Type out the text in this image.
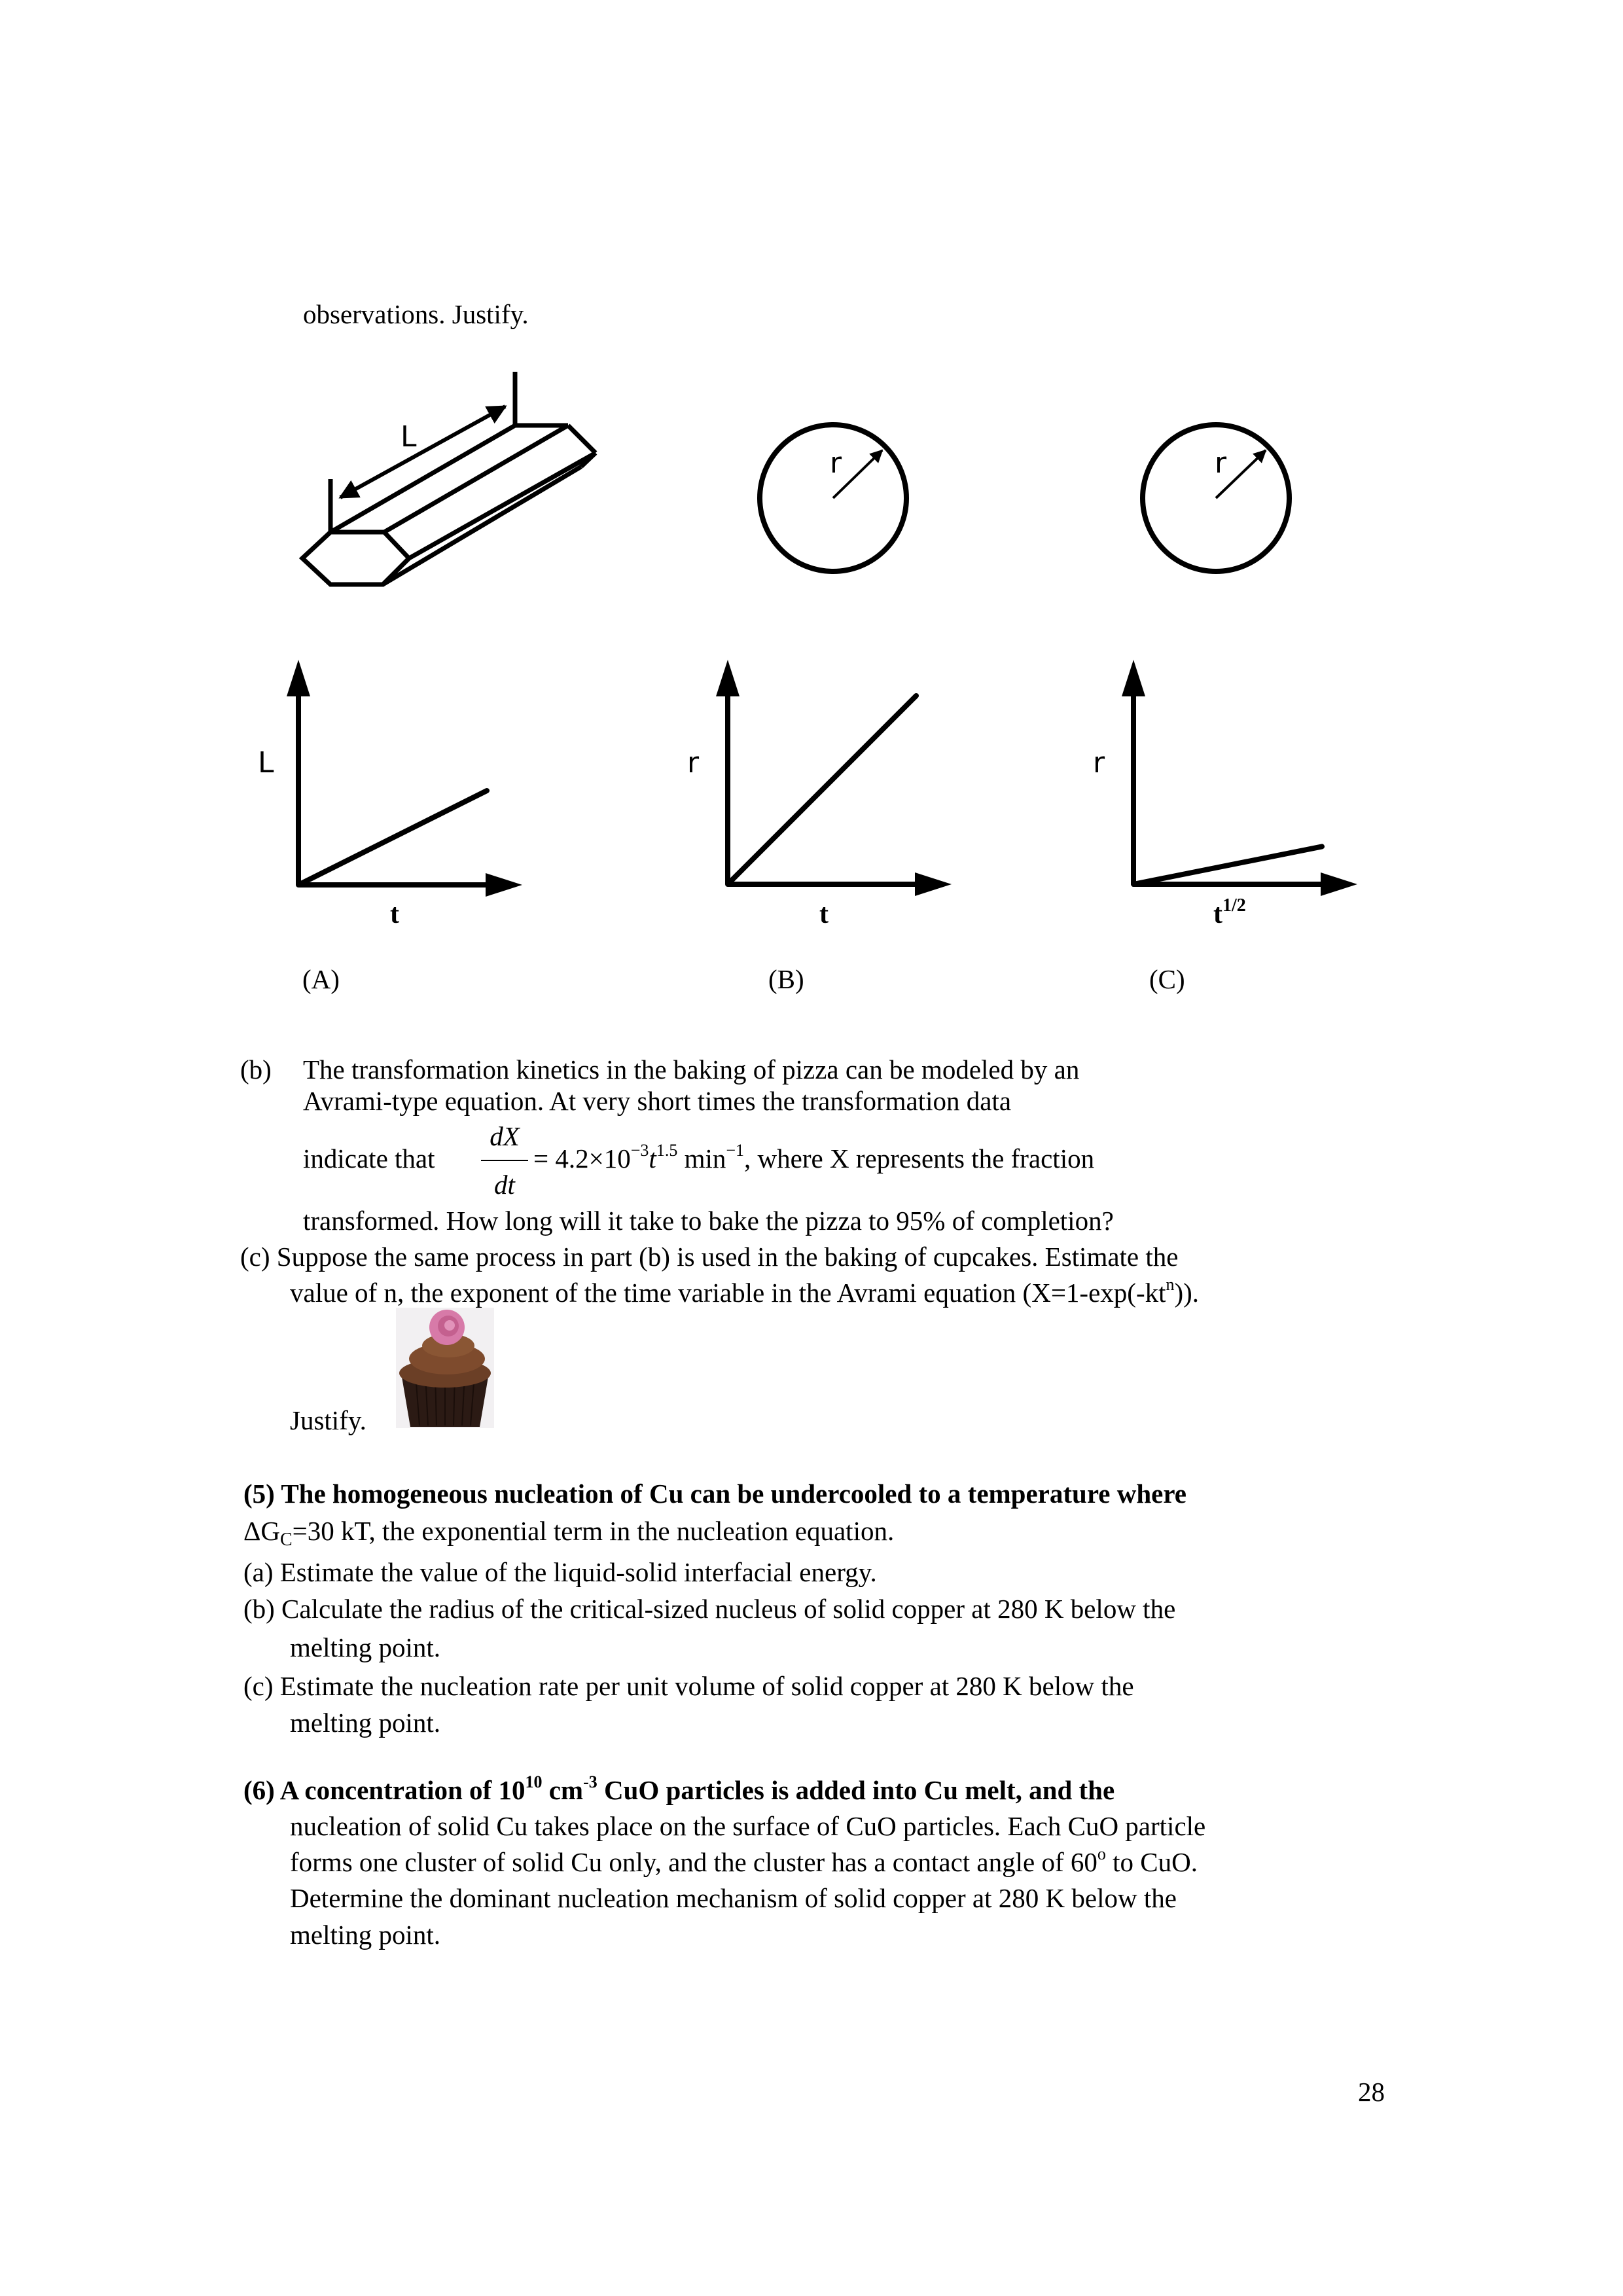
observations. Justify.
L
r	r
L
t
r
t
r
$t^{1/2}$
(A)	(B)	(C)
(b) The transformation kinetics in the baking of pizza can be modeled by an
Avrami-type equation. At very short times the transformation data
indicate that
dX
dt
= $4.2\times 10^{-3}t^{1.5}$ $\min^{-1}$, where X represents the fraction
transformed. How long will it take to bake the pizza to 95% of completion?
(c) Suppose the same process in part (b) is used in the baking of cupcakes. Estimate the
value of n, the exponent of the time variable in the Avrami equation $(X=1-\exp(-kt^n))$.
Justify.
(5) The homogeneous nucleation of Cu can be undercooled to a temperature where
ΔGC=30 kT, the exponential term in the nucleation equation.
(a) Estimate the value of the liquid-solid interfacial energy.
(b) Calculate the radius of the critical-sized nucleus of solid copper at 280 K below the
melting point.
(c) Estimate the nucleation rate per unit volume of solid copper at 280 K below the
melting point.
(6) A concentration of $10^{10}$ $cm^{-3}$ CuO particles is added into Cu melt, and the
nucleation of solid Cu takes place on the surface of CuO particles. Each CuO particle
forms one cluster of solid Cu only, and the cluster has a contact angle of 60$^o$ to CuO.
Determine the dominant nucleation mechanism of solid copper at 280 K below the
melting point.
28
